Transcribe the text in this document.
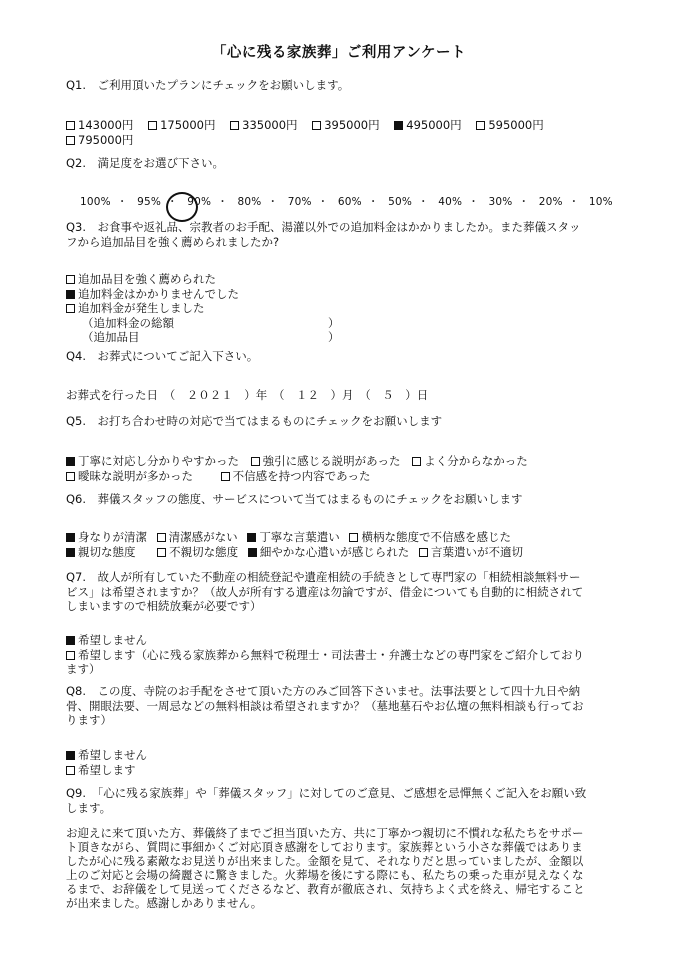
「心に残る家族葬」ご利用アンケート
Q1.　ご利用頂いたプランにチェックをお願いします。
143000円 175000円 335000円 395000円 495000円 595000円
795000円
Q2.　満足度をお選び下さい。
100% ・ 95% ・ 90% ・ 80% ・ 70% ・ 60% ・ 50% ・ 40% ・ 30% ・ 20% ・ 10%
Q3.　お食事や返礼品、宗教者のお手配、湯灌以外での追加料金はかかりましたか。また葬儀スタッフから追加品目を強く薦められましたか?
追加品目を強く薦められた
追加料金はかかりませんでした
追加料金が発生しました
（追加料金の総額	）
（追加品目	）
Q4.　お葬式についてご記入下さい。
お葬式を行った日　（　２０２１　）年　（　１２　）月　（　５　）日
Q5.　お打ち合わせ時の対応で当てはまるものにチェックをお願いします
丁寧に対応し分かりやすかった 強引に感じる説明があった よく分からなかった
曖昧な説明が多かった	不信感を持つ内容であった
Q6.　葬儀スタッフの態度、サービスについて当てはまるものにチェックをお願いします
身なりが清潔 清潔感がない 丁寧な言葉遣い 横柄な態度で不信感を感じた
親切な態度	不親切な態度 細やかな心遣いが感じられた 言葉遣いが不適切
Q7.　故人が所有していた不動産の相続登記や遺産相続の手続きとして専門家の「相続相談無料サービス」は希望されますか？（故人が所有する遺産は勿論ですが、借金についても自動的に相続されてしまいますので相続放棄が必要です）
希望しません
希望します（心に残る家族葬から無料で税理士・司法書士・弁護士などの専門家をご紹介しております）
Q8.　この度、寺院のお手配をさせて頂いた方のみご回答下さいませ。法事法要として四十九日や納骨、開眼法要、一周忌などの無料相談は希望されますか？（墓地墓石やお仏壇の無料相談も行っております）
希望しません
希望します
Q9.　「心に残る家族葬」や「葬儀スタッフ」に対してのご意見、ご感想を忌憚無くご記入をお願い致します。
お迎えに来て頂いた方、葬儀終了までご担当頂いた方、共に丁寧かつ親切に不慣れな私たちをサポート頂きながら、質問に事細かくご対応頂き感謝をしております。家族葬という小さな葬儀ではありましたが心に残る素敵なお見送りが出来ました。金額を見て、それなりだと思っていましたが、金額以上のご対応と会場の綺麗さに驚きました。火葬場を後にする際にも、私たちの乗った車が見えなくなるまで、お辞儀をして見送ってくださるなど、教育が徹底され、気持ちよく式を終え、帰宅することが出来ました。感謝しかありません。
